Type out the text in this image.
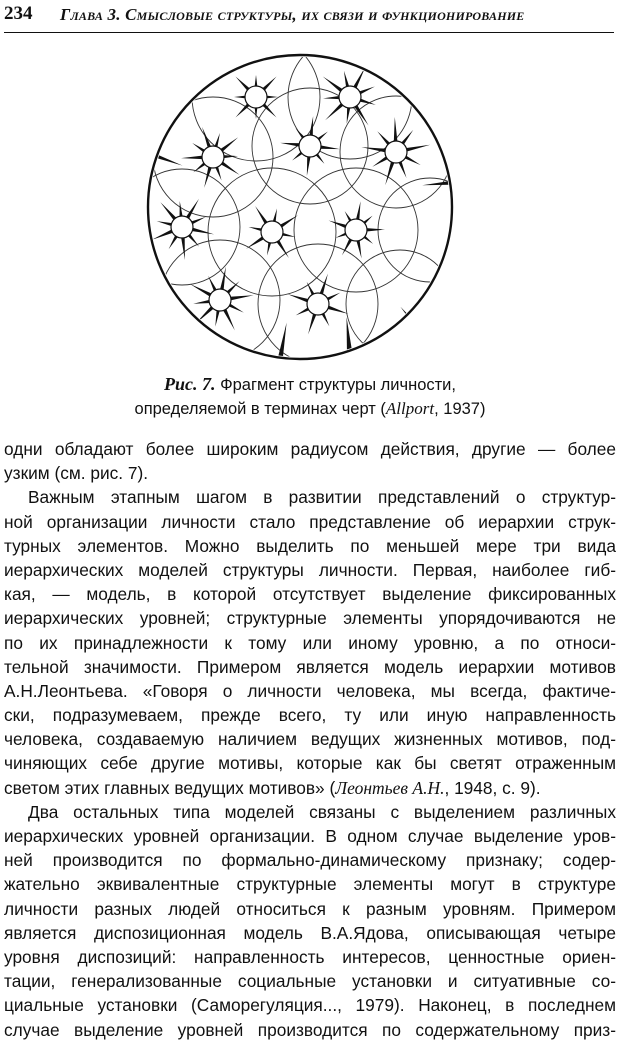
234 Глава 3. Смысловые структуры, их связи и функционирование
Рис. 7. Фрагмент структуры личности,
определяемой в терминах черт (Allport, 1937)
одни обладают более широким радиусом действия, другие — более
узким (см. рис. 7).
Важным этапным шагом в развитии представлений о структур-
ной организации личности стало представление об иерархии струк-
турных элементов. Можно выделить по меньшей мере три вида
иерархических моделей структуры личности. Первая, наиболее гиб-
кая, — модель, в которой отсутствует выделение фиксированных
иерархических уровней; структурные элементы упорядочиваются не
по их принадлежности к тому или иному уровню, а по относи-
тельной значимости. Примером является модель иерархии мотивов
А.Н.Леонтьева. «Говоря о личности человека, мы всегда, фактиче-
ски, подразумеваем, прежде всего, ту или иную направленность
человека, создаваемую наличием ведущих жизненных мотивов, под-
чиняющих себе другие мотивы, которые как бы светят отраженным
светом этих главных ведущих мотивов» (Леонтьев А.Н., 1948, с. 9).
Два остальных типа моделей связаны с выделением различных
иерархических уровней организации. В одном случае выделение уров-
ней производится по формально-динамическому признаку; содер-
жательно эквивалентные структурные элементы могут в структуре
личности разных людей относиться к разным уровням. Примером
является диспозиционная модель В.А.Ядова, описывающая четыре
уровня диспозиций: направленность интересов, ценностные ориен-
тации, генерализованные социальные установки и ситуативные со-
циальные установки (Саморегуляция..., 1979). Наконец, в последнем
случае выделение уровней производится по содержательному приз-
